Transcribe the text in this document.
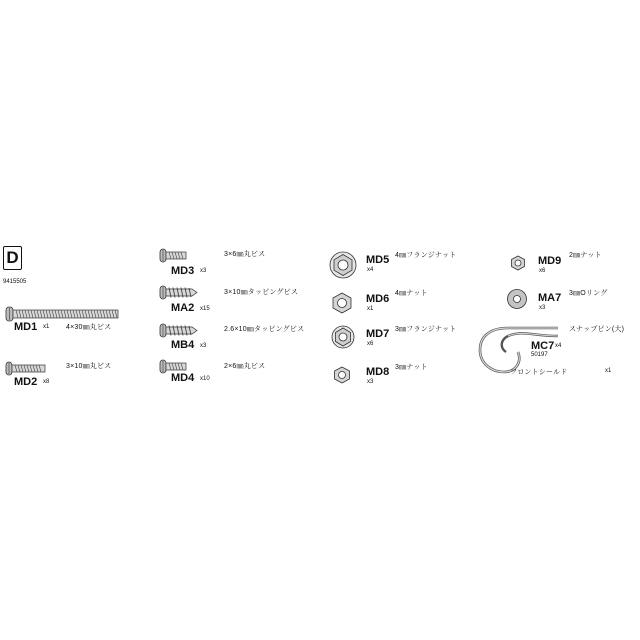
D
9415505
MD1 x1 4×30㎜丸ビス
MD2 x8
3×10㎜丸ビス
MD3 x3
3×6㎜丸ビス
MA2 x15
3×10㎜タッピングビス
MB4 x3
2.6×10㎜タッピングビス
MD4 x10
2×6㎜丸ビス
MD5
x4
4㎜フランジナット
MD6
x1
4㎜ナット
MD7
x6
3㎜フランジナット
MD8
x3
3㎜ナット
MD9
x6
2㎜ナット
MA7
x3
3㎜Oリング
MC7 x4
50197
スナップピン(大)
フロントシールド	x1
